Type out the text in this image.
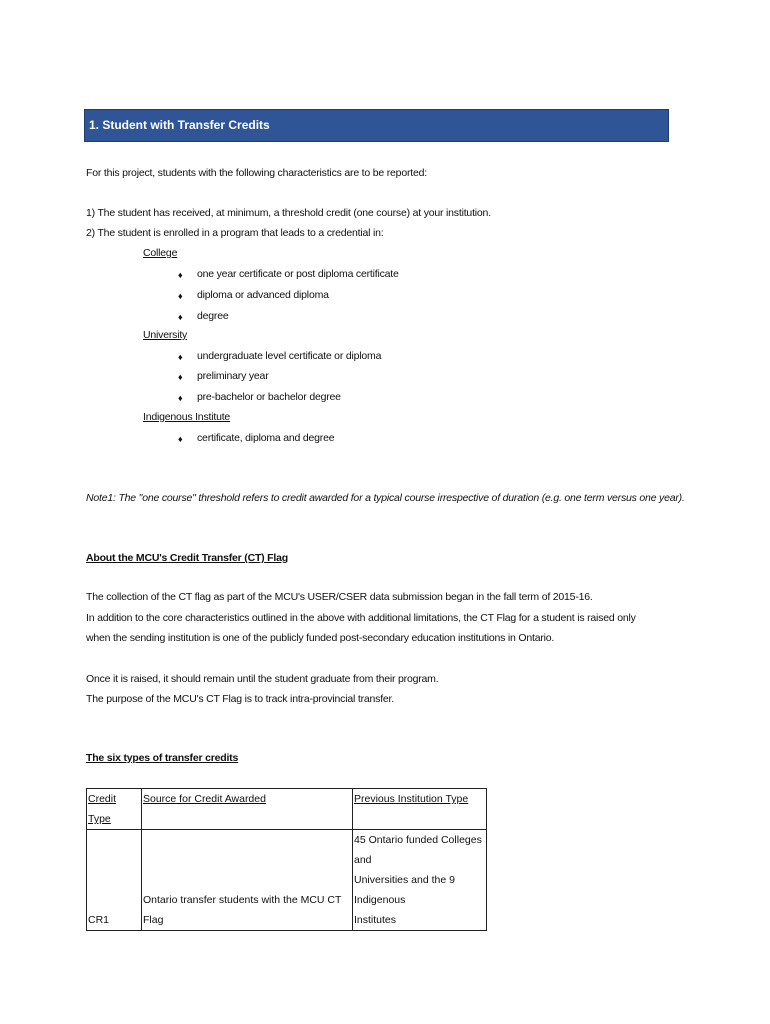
1. Student with Transfer Credits
For this project, students with the following characteristics are to be reported:
1) The student has received, at minimum, a threshold credit (one course) at your institution.
2) The student is enrolled in a program that leads to a credential in:
College
♦ one year certificate or post diploma certificate
♦ diploma or advanced diploma
♦ degree
University
♦ undergraduate level certificate or diploma
♦ preliminary year
♦ pre-bachelor or bachelor degree
Indigenous Institute
♦ certificate, diploma and degree
Note1: The "one course" threshold refers to credit awarded for a typical course irrespective of duration (e.g. one term versus one year).
About the MCU's Credit Transfer (CT) Flag
The collection of the CT flag as part of the MCU's USER/CSER data submission began in the fall term of 2015-16.
In addition to the core characteristics outlined in the above with additional limitations, the CT Flag for a student is raised only
when the sending institution is one of the publicly funded post-secondary education institutions in Ontario.
Once it is raised, it should remain until the student graduate from their program.
The purpose of the MCU's CT Flag is to track intra-provincial transfer.
The six types of transfer credits
Credit Type	Source for Credit Awarded	Previous Institution Type
CR1	Ontario transfer students with the MCU CT Flag	45 Ontario funded Colleges and
Universities and the 9 Indigenous
Institutes
